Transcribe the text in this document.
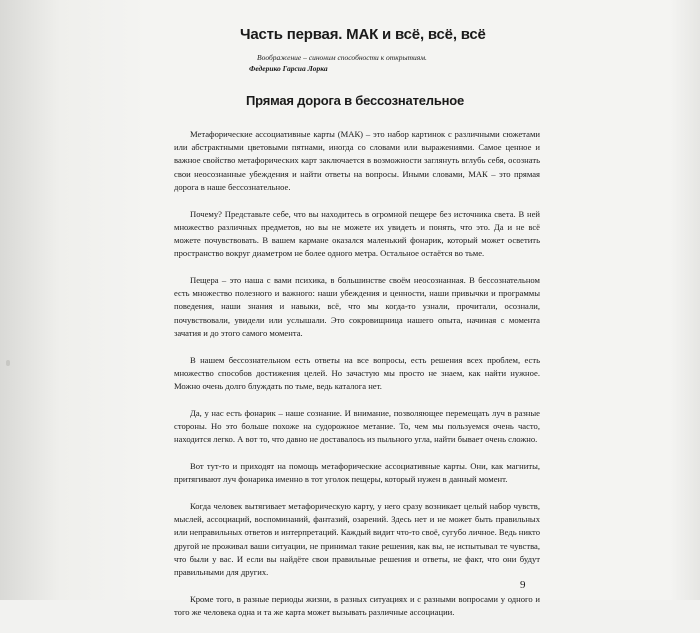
Часть первая. МАК и всё, всё, всё
Воображение – синоним способности к открытиям.
Федерико Гарсиа Лорка
Прямая дорога в бессознательное

Метафорические ассоциативные карты (МАК) – это набор картинок с различными сюжетами или абстрактными цветовыми пятнами, иногда со словами или выражениями. Самое ценное и важное свойство метафорических карт заключается в возможности заглянуть вглубь себя, осознать свои неосознанные убеждения и найти ответы на вопросы. Иными словами, МАК – это прямая дорога в наше бессознательное.

Почему? Представьте себе, что вы находитесь в огромной пещере без источника света. В ней множество различных предметов, но вы не можете их увидеть и понять, что это. Да и не всё можете почувствовать. В вашем кармане оказался маленький фонарик, который может осветить пространство вокруг диаметром не более одного метра. Остальное остаётся во тьме.

Пещера – это наша с вами психика, в большинстве своём неосознанная. В бессознательном есть множество полезного и важного: наши убеждения и ценности, наши привычки и программы поведения, наши знания и навыки, всё, что мы когда-то узнали, прочитали, осознали, почувствовали, увидели или услышали. Это сокровищница нашего опыта, начиная с момента зачатия и до этого самого момента.

В нашем бессознательном есть ответы на все вопросы, есть решения всех проблем, есть множество способов достижения целей. Но зачастую мы просто не знаем, как найти нужное. Можно очень долго блуждать по тьме, ведь каталога нет.

Да, у нас есть фонарик – наше сознание. И внимание, позволяющее перемещать луч в разные стороны. Но это больше похоже на судорожное метание. То, чем мы пользуемся очень часто, находится легко. А вот то, что давно не доставалось из пыльного угла, найти бывает очень сложно.

Вот тут-то и приходят на помощь метафорические ассоциативные карты. Они, как магниты, притягивают луч фонарика именно в тот уголок пещеры, который нужен в данный момент.

Когда человек вытягивает метафорическую карту, у него сразу возникает целый набор чувств, мыслей, ассоциаций, воспоминаний, фантазий, озарений. Здесь нет и не может быть правильных или неправильных ответов и интерпретаций. Каждый видит что-то своё, сугубо личное. Ведь никто другой не проживал ваши ситуации, не принимал такие решения, как вы, не испытывал те чувства, что были у вас. И если вы найдёте свои правильные решения и ответы, не факт, что они будут правильными для других.

Кроме того, в разные периоды жизни, в разных ситуациях и с разными вопросами у одного и того же человека одна и та же карта может вызывать различные ассоциации.

9
